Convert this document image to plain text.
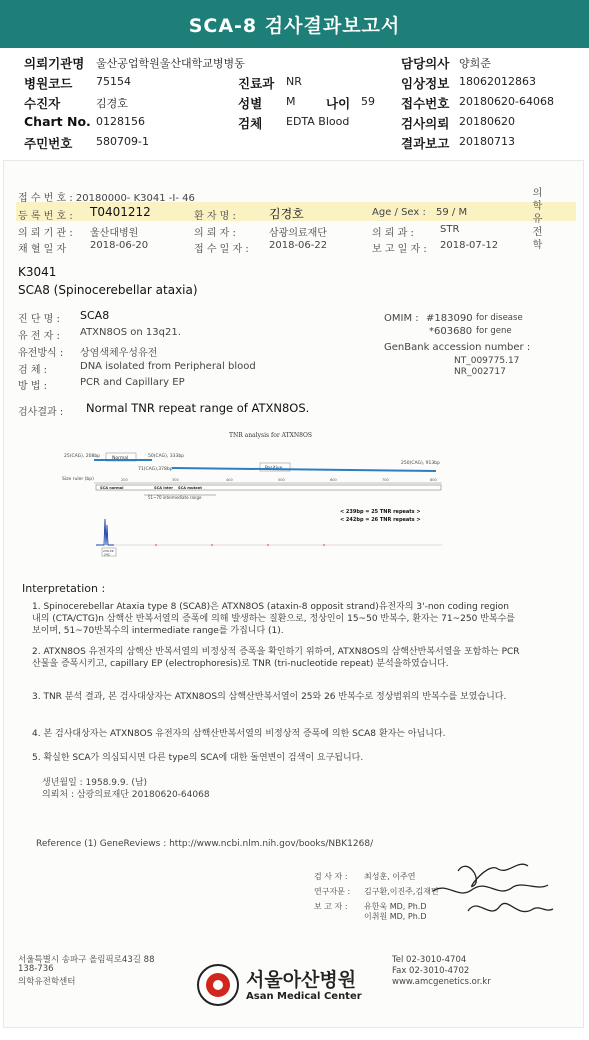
SCA-8 검사결과보고서
의뢰기관명 울산공업학원울산대학교병병동	담당의사 양희준
병원코드 75154	진료과 NR	임상정보 18062012863
수진자	김경호	성별 M 나이 59 접수번호 20180620-64068
Chart No. 0128156	검체 EDTA Blood	검사의뢰 20180620
주민번호 580709-1	결과보고 20180713
접 수 번 호 : 20180000- K3041 -I- 46	의학유전학
등 록 번 호 : T0401212	환 자 명 :	김경호	Age / Sex : 59 / M
의 뢰 기 관 : 울산대병원	의 뢰 자 :	삼광의료재단	의 뢰 과 :	STR
채 혈 일 자 2018-06-20	접 수 일 자 : 2018-06-22	보 고 일 자 : 2018-07-12
K3041
SCA8 (Spinocerebellar ataxia)
진 단 명 : SCA8
유 전 자 : ATXN8OS on 13q21.
유전방식 : 상염색체우성유전
검 체 :	DNA isolated from Peripheral blood
방 법 :	PCR and Capillary EP
OMIM : #183090 for disease
*603680 for gene
GenBank accession number :
NT_009775.17
NR_002717
검사결과 : Normal TNR repeat range of ATXN8OS.
TNR analysis for ATXN8OS
25(CAG), 208bp	50(CAG), 333bp
71(CAG),378bp
250(CAG), 913bp
Normal
Size ruler (bp)	200	300	400	500	600	700	800
SCA normal	SCA inter SCA mutant
51~70 intermediate range
239.36
242
< 239bp = 25 TNR repeats >
< 242bp = 26 TNR repeats >
Interpretation :
1. Spinocerebellar Ataxia type 8 (SCA8)은 ATXN8OS (ataxin-8 opposit strand)유전자의 3'-non coding region 내의 (CTA/CTG)n 삼핵산 반복서열의 증폭에 의해 발생하는 질환으로, 정상인이 15~50 반복수, 환자는 71~250 반복수를 보이며, 51~70반복수의 intermediate range를 가집니다 (1).
2. ATXN8OS 유전자의 삼핵산 반복서열의 비정상적 증폭을 확인하기 위하여, ATXN8OS의 삼핵산반복서열을 포함하는 PCR 산물을 증폭시키고, capillary EP (electrophoresis)로 TNR (tri-nucleotide repeat) 분석을하였습니다.
3. TNR 분석 결과, 본 검사대상자는 ATXN8OS의 삼핵산반복서열이 25와 26 반복수로 정상범위의 반복수를 보였습니다.
4. 본 검사대상자는 ATXN8OS 유전자의 삼핵산반복서열의 비정상적 증폭에 의한 SCA8 환자는 아닙니다.
5. 확실한 SCA가 의심되시면 다른 type의 SCA에 대한 돌연변이 검색이 요구됩니다.
생년월일 : 1958.9.9. (남)
의뢰처 : 삼광의료재단 20180620-64068
Reference (1) GeneReviews : http://www.ncbi.nlm.nih.gov/books/NBK1268/
검 사 자 : 최성훈, 이주연
연구자문 : 김구환,이진주,김재민
보 고 자 : 유한욱 MD, Ph.D
이취원 MD, Ph.D
서울특별시 송파구 올림픽로43길 88
138-736
의학유전학센터	서울아산병원
Asan Medical Center
Tel 02-3010-4704
Fax 02-3010-4702
www.amcgenetics.or.kr
